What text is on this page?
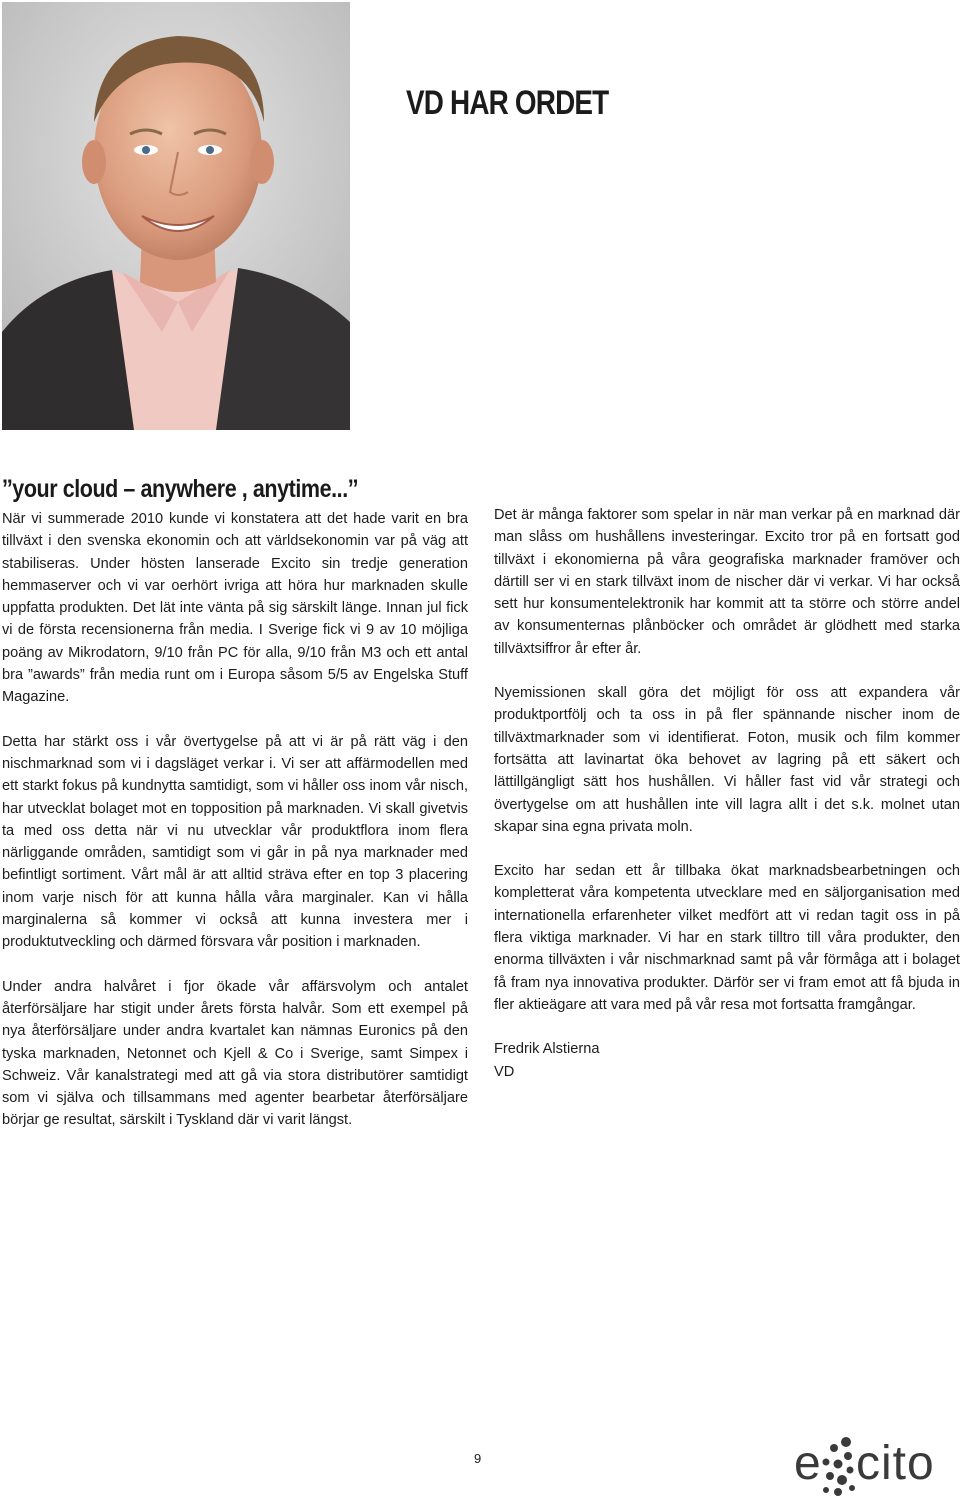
VD HAR ORDET
’’your cloud – anywhere , anytime...’’

När vi summerade 2010 kunde vi konstatera att det hade varit en bra tillväxt i den svenska ekonomin och att världsekonomin var på väg att stabiliseras. Under hösten lanserade Excito sin tredje generation hemmaserver och vi var oerhört ivriga att höra hur marknaden skulle uppfatta produkten. Det lät inte vänta på sig särskilt länge. Innan jul fick vi de första recensionerna från media. I Sverige fick vi 9 av 10 möjliga poäng av Mikrodatorn, 9/10 från PC för alla, 9/10 från M3 och ett antal bra ”awards” från media runt om i Europa såsom 5/5 av Engelska Stuff Magazine.

Detta har stärkt oss i vår övertygelse på att vi är på rätt väg i den nischmarknad som vi i dagsläget verkar i. Vi ser att affärmodellen med ett starkt fokus på kundnytta samtidigt, som vi håller oss inom vår nisch, har utvecklat bolaget mot en topposition på marknaden. Vi skall givetvis ta med oss detta när vi nu utvecklar vår produktflora inom flera närliggande områden, samtidigt som vi går in på nya marknader med befintligt sortiment. Vårt mål är att alltid sträva efter en top 3 placering inom varje nisch för att kunna hålla våra marginaler. Kan vi hålla marginalerna så kommer vi också att kunna investera mer i produktutveckling och därmed försvara vår position i marknaden.

Under andra halvåret i fjor ökade vår affärsvolym och antalet återförsäljare har stigit under årets första halvår. Som ett exempel på nya återförsäljare under andra kvartalet kan nämnas Euronics på den tyska marknaden, Netonnet och Kjell & Co i Sverige, samt Simpex i Schweiz. Vår kanalstrategi med att gå via stora distributörer samtidigt som vi själva och tillsammans med agenter bearbetar återförsäljare börjar ge resultat, särskilt i Tyskland där vi varit längst.

Det är många faktorer som spelar in när man verkar på en marknad där man slåss om hushållens investeringar. Excito tror på en fortsatt god tillväxt i ekonomierna på våra geografiska marknader framöver och därtill ser vi en stark tillväxt inom de nischer där vi verkar. Vi har också sett hur konsumentelektronik har kommit att ta större och större andel av konsumenternas plånböcker och området är glödhett med starka tillväxtsiffror år efter år.

Nyemissionen skall göra det möjligt för oss att expandera vår produktportfölj och ta oss in på fler spännande nischer inom de tillväxtmarknader som vi identifierat. Foton, musik och film kommer fortsätta att lavinartat öka behovet av lagring på ett säkert och lättillgängligt sätt hos hushållen. Vi håller fast vid vår strategi och övertygelse om att hushållen inte vill lagra allt i det s.k. molnet utan skapar sina egna privata moln.

Excito har sedan ett år tillbaka ökat marknadsbearbetningen och kompletterat våra kompetenta utvecklare med en säljorganisation med internationella erfarenheter vilket medfört att vi redan tagit oss in på flera viktiga marknader. Vi har en stark tilltro till våra produkter, den enorma tillväxten i vår nischmarknad samt på vår förmåga att i bolaget få fram nya innovativa produkter. Därför ser vi fram emot att få bjuda in fler aktieägare att vara med på vår resa mot fortsatta framgångar.

Fredrik Alstierna
VD
9	e cito
